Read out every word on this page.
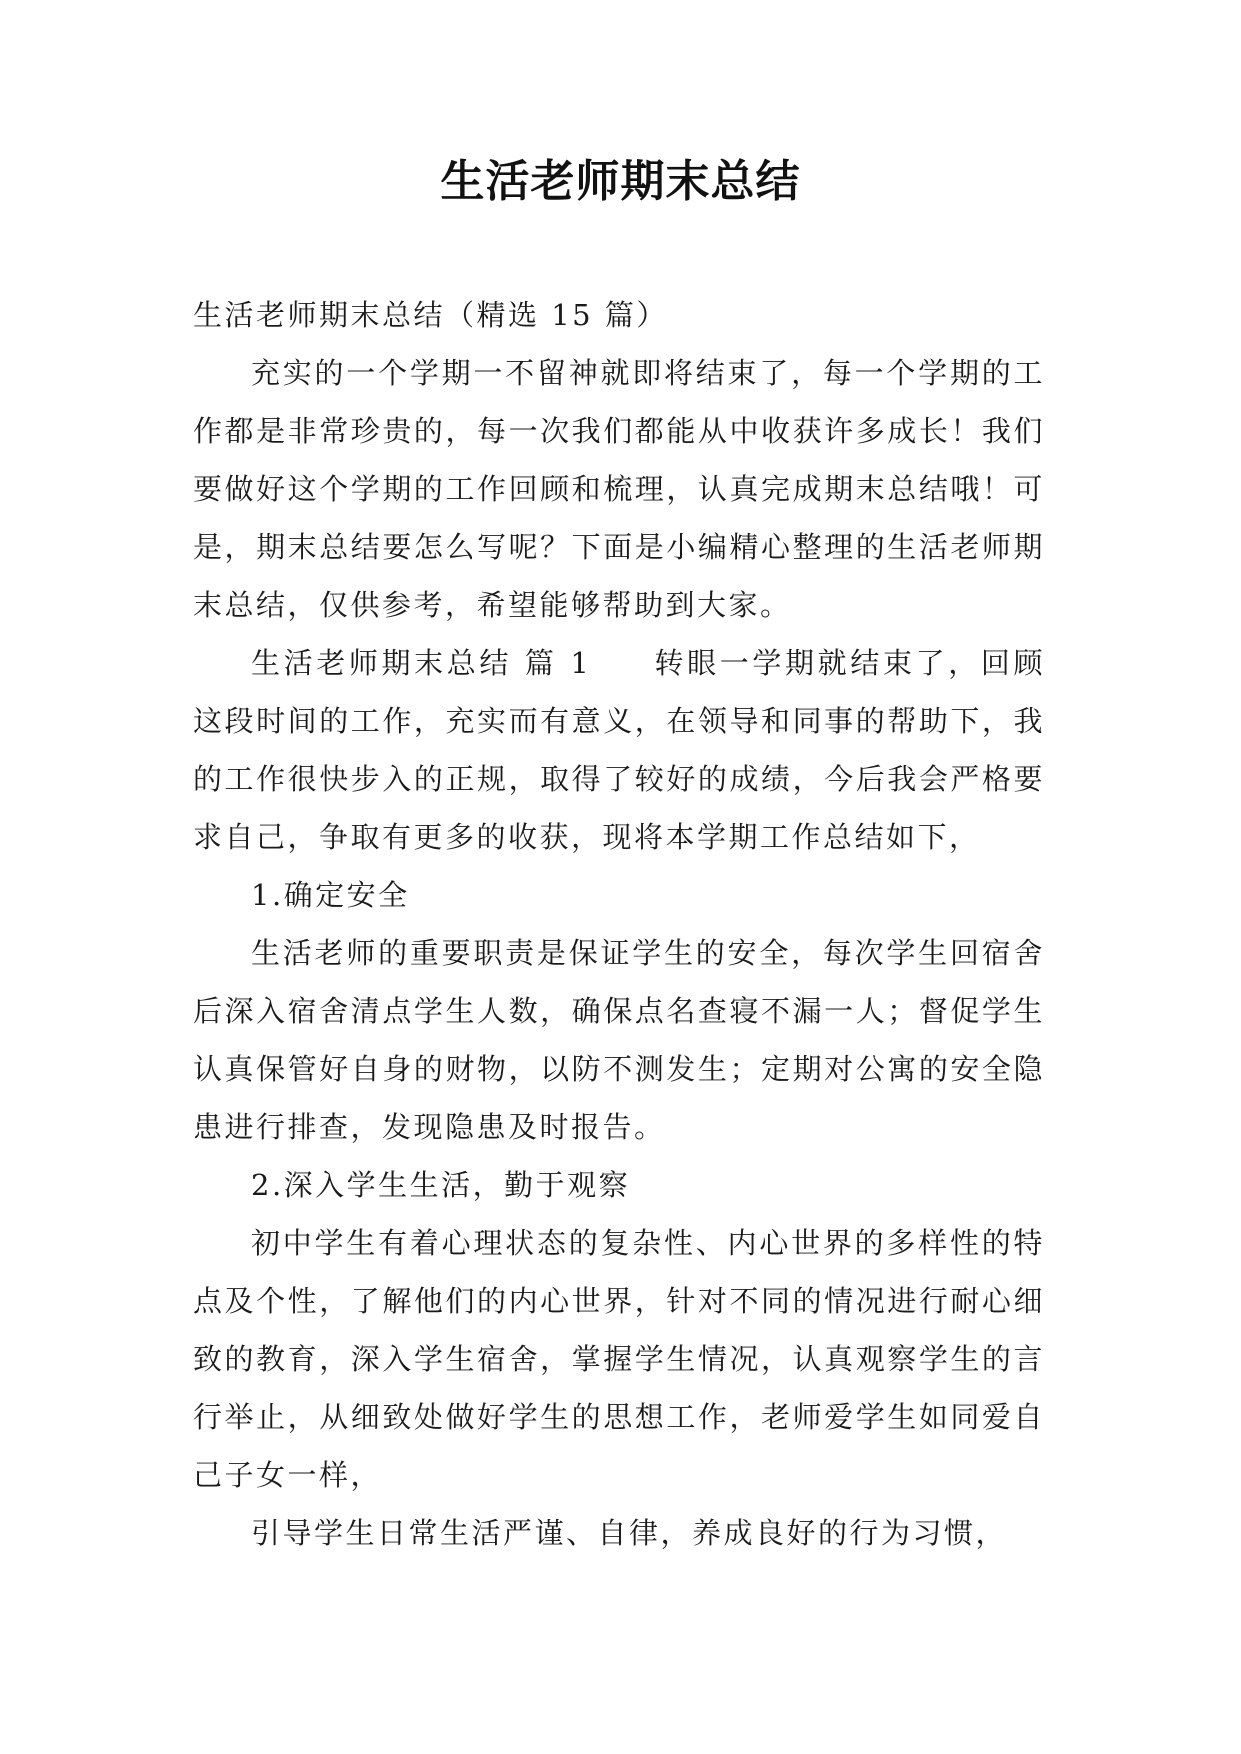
生活老师期末总结

生活老师期末总结（精选 15 篇）

充实的一个学期一不留神就即将结束了，每一个学期的工作都是非常珍贵的，每一次我们都能从中收获许多成长！我们要做好这个学期的工作回顾和梳理，认真完成期末总结哦！可是，期末总结要怎么写呢？下面是小编精心整理的生活老师期末总结，仅供参考，希望能够帮助到大家。

生活老师期末总结 篇 1 转眼一学期就结束了，回顾这段时间的工作，充实而有意义，在领导和同事的帮助下，我的工作很快步入的正规，取得了较好的成绩，今后我会严格要求自己，争取有更多的收获，现将本学期工作总结如下，

1.确定安全

生活老师的重要职责是保证学生的安全，每次学生回宿舍后深入宿舍清点学生人数，确保点名查寝不漏一人；督促学生认真保管好自身的财物，以防不测发生；定期对公寓的安全隐患进行排查，发现隐患及时报告。

2.深入学生生活，勤于观察

初中学生有着心理状态的复杂性、内心世界的多样性的特点及个性，了解他们的内心世界，针对不同的情况进行耐心细致的教育，深入学生宿舍，掌握学生情况，认真观察学生的言行举止，从细致处做好学生的思想工作，老师爱学生如同爱自己子女一样，

引导学生日常生活严谨、自律，养成良好的行为习惯，
